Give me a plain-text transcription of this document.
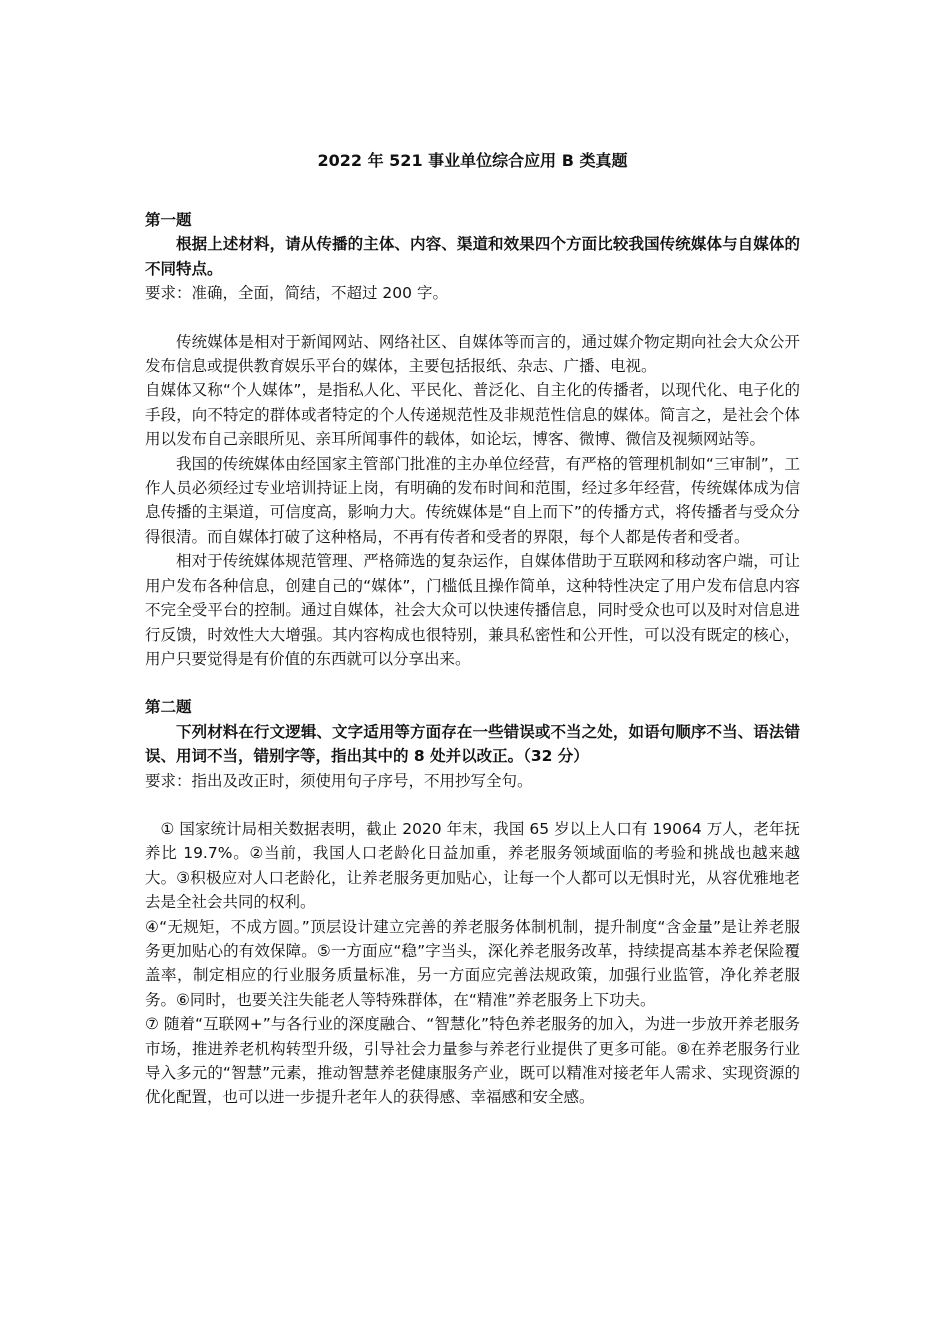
2022 年 521 事业单位综合应用 B 类真题

第一题

根据上述材料，请从传播的主体、内容、渠道和效果四个方面比较我国传统媒体与自媒体的不同特点。

要求：准确，全面，简结，不超过 200 字。

传统媒体是相对于新闻网站、网络社区、自媒体等而言的，通过媒介物定期向社会大众公开发布信息或提供教育娱乐平台的媒体，主要包括报纸、杂志、广播、电视。

自媒体又称“个人媒体”，是指私人化、平民化、普泛化、自主化的传播者，以现代化、电子化的手段，向不特定的群体或者特定的个人传递规范性及非规范性信息的媒体。简言之，是社会个体用以发布自己亲眼所见、亲耳所闻事件的载体，如论坛，博客、微博、微信及视频网站等。

我国的传统媒体由经国家主管部门批准的主办单位经营，有严格的管理机制如“三审制”，工作人员必须经过专业培训持证上岗，有明确的发布时间和范围，经过多年经营，传统媒体成为信息传播的主渠道，可信度高，影响力大。传统媒体是“自上而下”的传播方式，将传播者与受众分得很清。而自媒体打破了这种格局，不再有传者和受者的界限，每个人都是传者和受者。

相对于传统媒体规范管理、严格筛选的复杂运作，自媒体借助于互联网和移动客户端，可让用户发布各种信息，创建自己的“媒体”，门槛低且操作简单，这种特性决定了用户发布信息内容不完全受平台的控制。通过自媒体，社会大众可以快速传播信息，同时受众也可以及时对信息进行反馈，时效性大大增强。其内容构成也很特别，兼具私密性和公开性，可以没有既定的核心，用户只要觉得是有价值的东西就可以分享出来。

第二题

下列材料在行文逻辑、文字适用等方面存在一些错误或不当之处，如语句顺序不当、语法错误、用词不当，错别字等，指出其中的 8 处并以改正。（32 分）

要求：指出及改正时，须使用句子序号，不用抄写全句。

① 国家统计局相关数据表明，截止 2020 年末，我国 65 岁以上人口有 19064 万人，老年抚养比 19.7%。②当前，我国人口老龄化日益加重，养老服务领域面临的考验和挑战也越来越大。③积极应对人口老龄化，让养老服务更加贴心，让每一个人都可以无惧时光，从容优雅地老去是全社会共同的权利。

④“无规矩，不成方圆。”顶层设计建立完善的养老服务体制机制，提升制度“含金量”是让养老服务更加贴心的有效保障。⑤一方面应“稳”字当头，深化养老服务改革，持续提高基本养老保险覆盖率，制定相应的行业服务质量标准，另一方面应完善法规政策，加强行业监管，净化养老服务。⑥同时，也要关注失能老人等特殊群体，在“精准”养老服务上下功夫。

⑦ 随着“互联网+”与各行业的深度融合、“智慧化”特色养老服务的加入，为进一步放开养老服务市场，推进养老机构转型升级，引导社会力量参与养老行业提供了更多可能。⑧在养老服务行业导入多元的“智慧”元素，推动智慧养老健康服务产业，既可以精准对接老年人需求、实现资源的优化配置，也可以进一步提升老年人的获得感、幸福感和安全感。
